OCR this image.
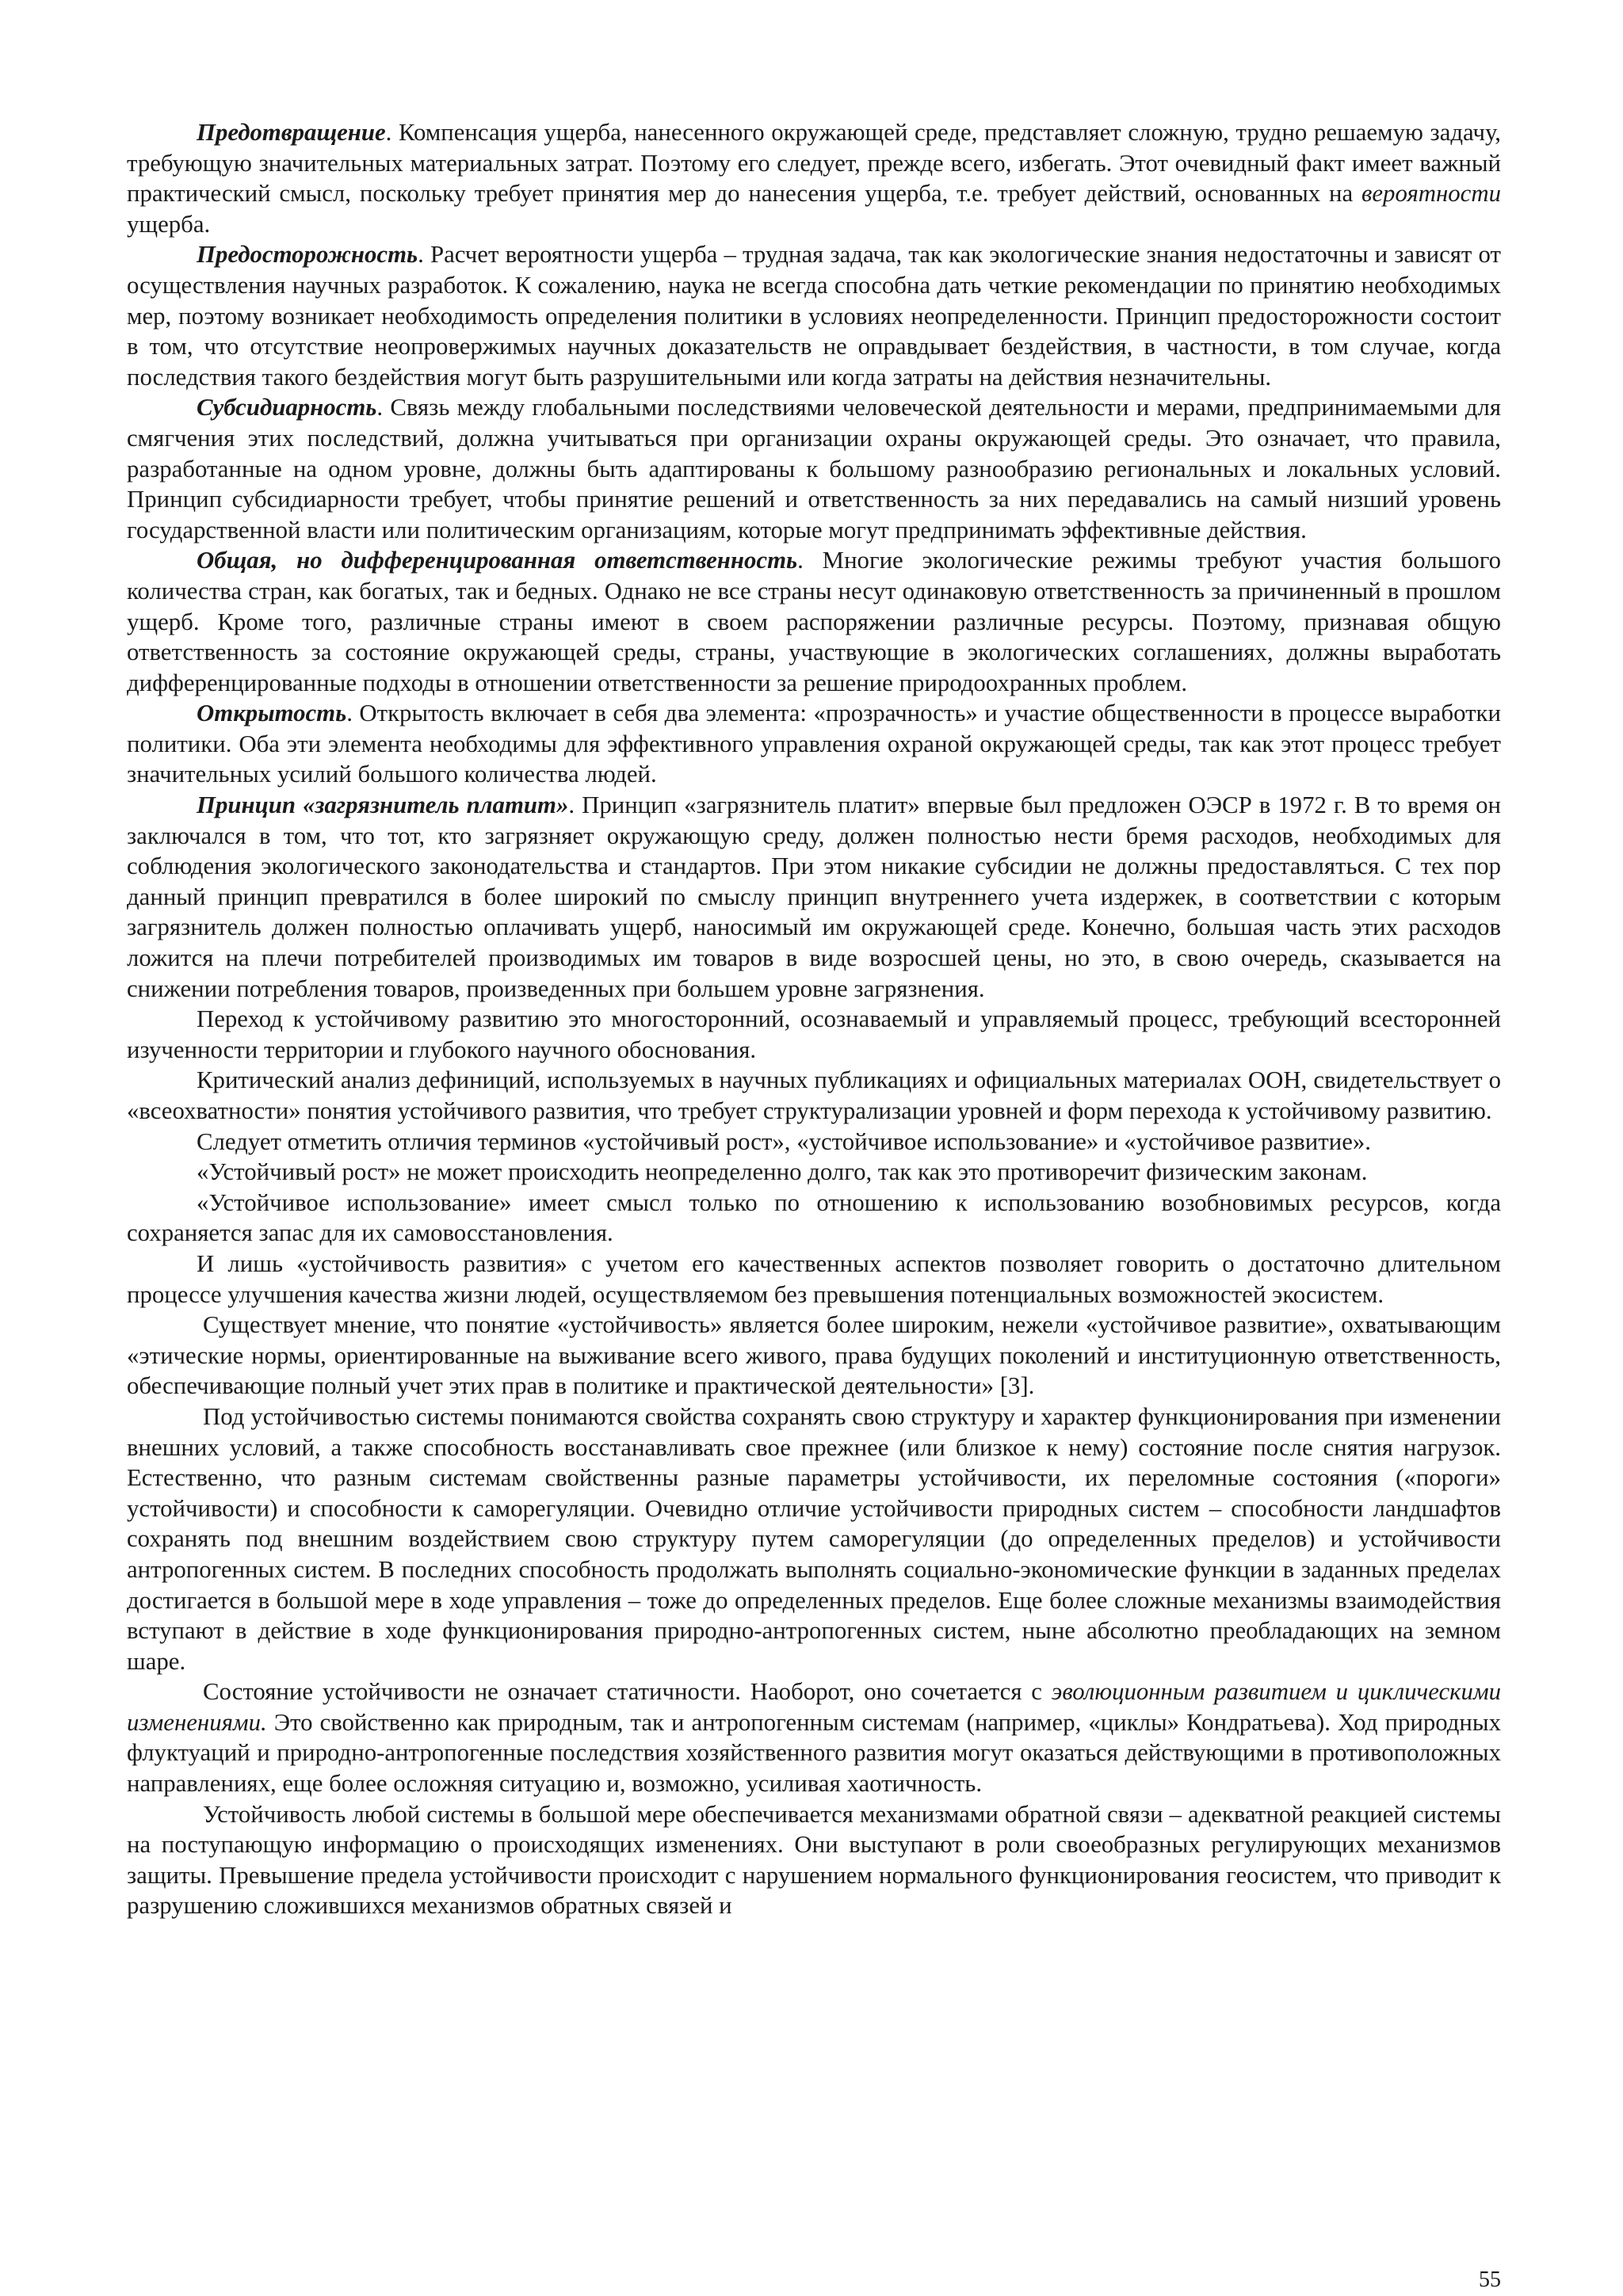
Предотвращение. Компенсация ущерба, нанесенного окружающей среде, представляет сложную, трудно решаемую задачу, требующую значительных материальных затрат. Поэтому его следует, прежде всего, избегать. Этот очевидный факт имеет важный практический смысл, поскольку требует принятия мер до нанесения ущерба, т.е. требует действий, основанных на вероятности ущерба.

Предосторожность. Расчет вероятности ущерба – трудная задача, так как экологические знания недостаточны и зависят от осуществления научных разработок. К сожалению, наука не всегда способна дать четкие рекомендации по принятию необходимых мер, поэтому возникает необходимость определения политики в условиях неопределенности. Принцип предосторожности состоит в том, что отсутствие неопровержимых научных доказательств не оправдывает бездействия, в частности, в том случае, когда последствия такого бездействия могут быть разрушительными или когда затраты на действия незначительны.

Субсидиарность. Связь между глобальными последствиями человеческой деятельности и мерами, предпринимаемыми для смягчения этих последствий, должна учитываться при организации охраны окружающей среды. Это означает, что правила, разработанные на одном уровне, должны быть адаптированы к большому разнообразию региональных и локальных условий. Принцип субсидиарности требует, чтобы принятие решений и ответственность за них передавались на самый низший уровень государственной власти или политическим организациям, которые могут предпринимать эффективные действия.

Общая, но дифференцированная ответственность. Многие экологические режимы требуют участия большого количества стран, как богатых, так и бедных. Однако не все страны несут одинаковую ответственность за причиненный в прошлом ущерб. Кроме того, различные страны имеют в своем распоряжении различные ресурсы. Поэтому, признавая общую ответственность за состояние окружающей среды, страны, участвующие в экологических соглашениях, должны выработать дифференцированные подходы в отношении ответственности за решение природоохранных проблем.

Открытость. Открытость включает в себя два элемента: «прозрачность» и участие общественности в процессе выработки политики. Оба эти элемента необходимы для эффективного управления охраной окружающей среды, так как этот процесс требует значительных усилий большого количества людей.

Принцип «загрязнитель платит». Принцип «загрязнитель платит» впервые был предложен ОЭСР в 1972 г. В то время он заключался в том, что тот, кто загрязняет окружающую среду, должен полностью нести бремя расходов, необходимых для соблюдения экологического законодательства и стандартов. При этом никакие субсидии не должны предоставляться. С тех пор данный принцип превратился в более широкий по смыслу принцип внутреннего учета издержек, в соответствии с которым загрязнитель должен полностью оплачивать ущерб, наносимый им окружающей среде. Конечно, большая часть этих расходов ложится на плечи потребителей производимых им товаров в виде возросшей цены, но это, в свою очередь, сказывается на снижении потребления товаров, произведенных при большем уровне загрязнения.

Переход к устойчивому развитию это многосторонний, осознаваемый и управляемый процесс, требующий всесторонней изученности территории и глубокого научного обоснования.

Критический анализ дефиниций, используемых в научных публикациях и официальных материалах ООН, свидетельствует о «всеохватности» понятия устойчивого развития, что требует структурализации уровней и форм перехода к устойчивому развитию.

Следует отметить отличия терминов «устойчивый рост», «устойчивое использование» и «устойчивое развитие».

«Устойчивый рост» не может происходить неопределенно долго, так как это противоречит физическим законам.

«Устойчивое использование» имеет смысл только по отношению к использованию возобновимых ресурсов, когда сохраняется запас для их самовосстановления.

И лишь «устойчивость развития» с учетом его качественных аспектов позволяет говорить о достаточно длительном процессе улучшения качества жизни людей, осуществляемом без превышения потенциальных возможностей экосистем.

Существует мнение, что понятие «устойчивость» является более широким, нежели «устойчивое развитие», охватывающим «этические нормы, ориентированные на выживание всего живого, права будущих поколений и институционную ответственность, обеспечивающие полный учет этих прав в политике и практической деятельности» [3].

Под устойчивостью системы понимаются свойства сохранять свою структуру и характер функционирования при изменении внешних условий, а также способность восстанавливать свое прежнее (или близкое к нему) состояние после снятия нагрузок. Естественно, что разным системам свойственны разные параметры устойчивости, их переломные состояния («пороги» устойчивости) и способности к саморегуляции. Очевидно отличие устойчивости природных систем – способности ландшафтов сохранять под внешним воздействием свою структуру путем саморегуляции (до определенных пределов) и устойчивости антропогенных систем. В последних способность продолжать выполнять социально-экономические функции в заданных пределах достигается в большой мере в ходе управления – тоже до определенных пределов. Еще более сложные механизмы взаимодействия вступают в действие в ходе функционирования природно-антропогенных систем, ныне абсолютно преобладающих на земном шаре.

Состояние устойчивости не означает статичности. Наоборот, оно сочетается с эволюционным развитием и циклическими изменениями. Это свойственно как природным, так и антропогенным системам (например, «циклы» Кондратьева). Ход природных флуктуаций и природно-антропогенные последствия хозяйственного развития могут оказаться действующими в противоположных направлениях, еще более осложняя ситуацию и, возможно, усиливая хаотичность.

Устойчивость любой системы в большой мере обеспечивается механизмами обратной связи – адекватной реакцией системы на поступающую информацию о происходящих изменениях. Они выступают в роли своеобразных регулирующих механизмов защиты. Превышение предела устойчивости происходит с нарушением нормального функционирования геосистем, что приводит к разрушению сложившихся механизмов обратных связей и

55
